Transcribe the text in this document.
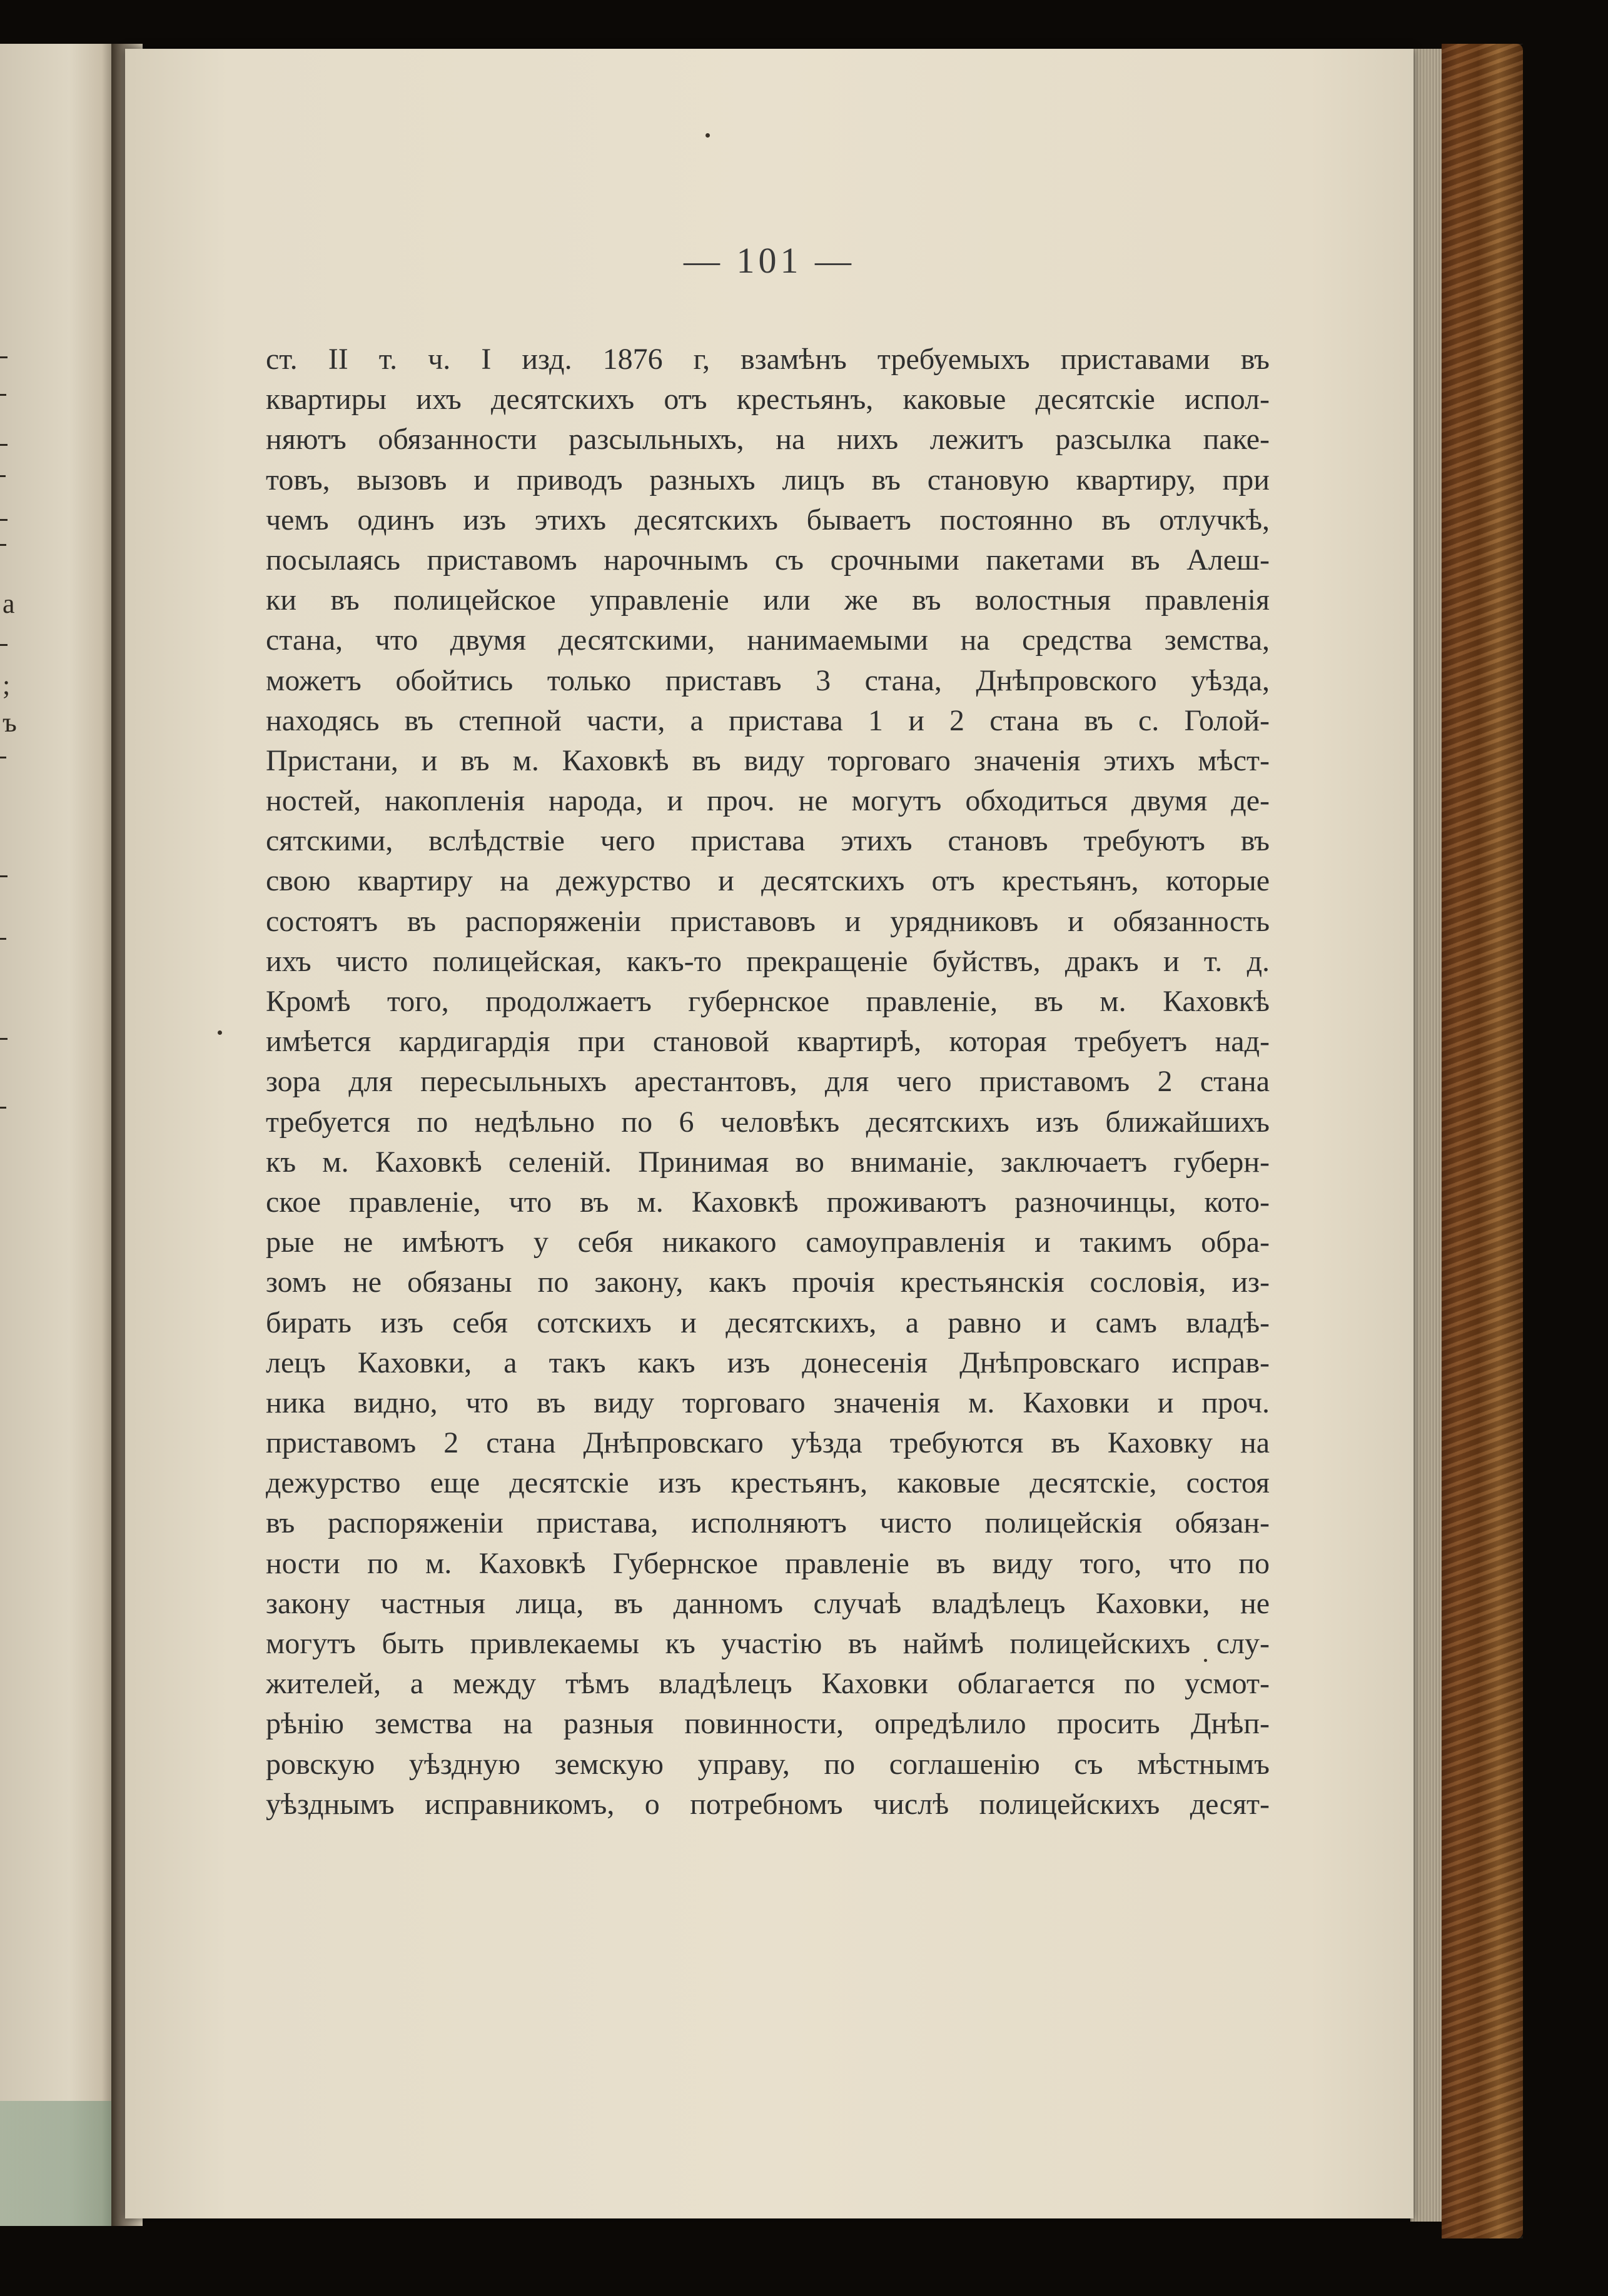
;
ъ
а
— 101 —
ст. II т. ч. I изд. 1876 г, взамѣнъ требуемыхъ приставами въ
квартиры ихъ десятскихъ отъ крестьянъ, каковые десятскіе испол-
няютъ обязанности разсыльныхъ, на нихъ лежитъ разсылка паке-
товъ, вызовъ и приводъ разныхъ лицъ въ становую квартиру, при
чемъ одинъ изъ этихъ десятскихъ бываетъ постоянно въ отлучкѣ,
посылаясь приставомъ нарочнымъ съ срочными пакетами въ Алеш-
ки въ полицейское управленіе или же въ волостныя правленія
стана, что двумя десятскими, нанимаемыми на средства земства,
можетъ обойтись только приставъ 3 стана, Днѣпровского уѣзда,
находясь въ степной части, а пристава 1 и 2 стана въ с. Голой-
Пристани, и въ м. Каховкѣ въ виду торговаго значенія этихъ мѣст-
ностей, накопленія народа, и проч. не могутъ обходиться двумя де-
сятскими, вслѣдствіе чего пристава этихъ становъ требуютъ въ
свою квартиру на дежурство и десятскихъ отъ крестьянъ, которые
состоятъ въ распоряженіи приставовъ и урядниковъ и обязанность
ихъ чисто полицейская, какъ-то прекращеніе буйствъ, дракъ и т. д.
Кромѣ того, продолжаетъ губернское правленіе, въ м. Каховкѣ
имѣется кардигардія при становой квартирѣ, которая требуетъ над-
зора для пересыльныхъ арестантовъ, для чего приставомъ 2 стана
требуется по недѣльно по 6 человѣкъ десятскихъ изъ ближайшихъ
къ м. Каховкѣ селеній. Принимая во вниманіе, заключаетъ губерн-
ское правленіе, что въ м. Каховкѣ проживаютъ разночинцы, кото-
рые не имѣютъ у себя никакого самоуправленія и такимъ обра-
зомъ не обязаны по закону, какъ прочія крестьянскія сословія, из-
бирать изъ себя сотскихъ и десятскихъ, а равно и самъ владѣ-
лецъ Каховки, а такъ какъ изъ донесенія Днѣпровскаго исправ-
ника видно, что въ виду торговаго значенія м. Каховки и проч.
приставомъ 2 стана Днѣпровскаго уѣзда требуются въ Каховку на
дежурство еще десятскіе изъ крестьянъ, каковые десятскіе, состоя
въ распоряженіи пристава, исполняютъ чисто полицейскія обязан-
ности по м. Каховкѣ Губернское правленіе въ виду того, что по
закону частныя лица, въ данномъ случаѣ владѣлецъ Каховки, не
могутъ быть привлекаемы къ участію въ наймѣ полицейскихъ слу-
жителей, а между тѣмъ владѣлецъ Каховки облагается по усмот-
рѣнію земства на разныя повинности, опредѣлило просить Днѣп-
ровскую уѣздную земскую управу, по соглашенію съ мѣстнымъ
уѣзднымъ исправникомъ, о потребномъ числѣ полицейскихъ десят-
